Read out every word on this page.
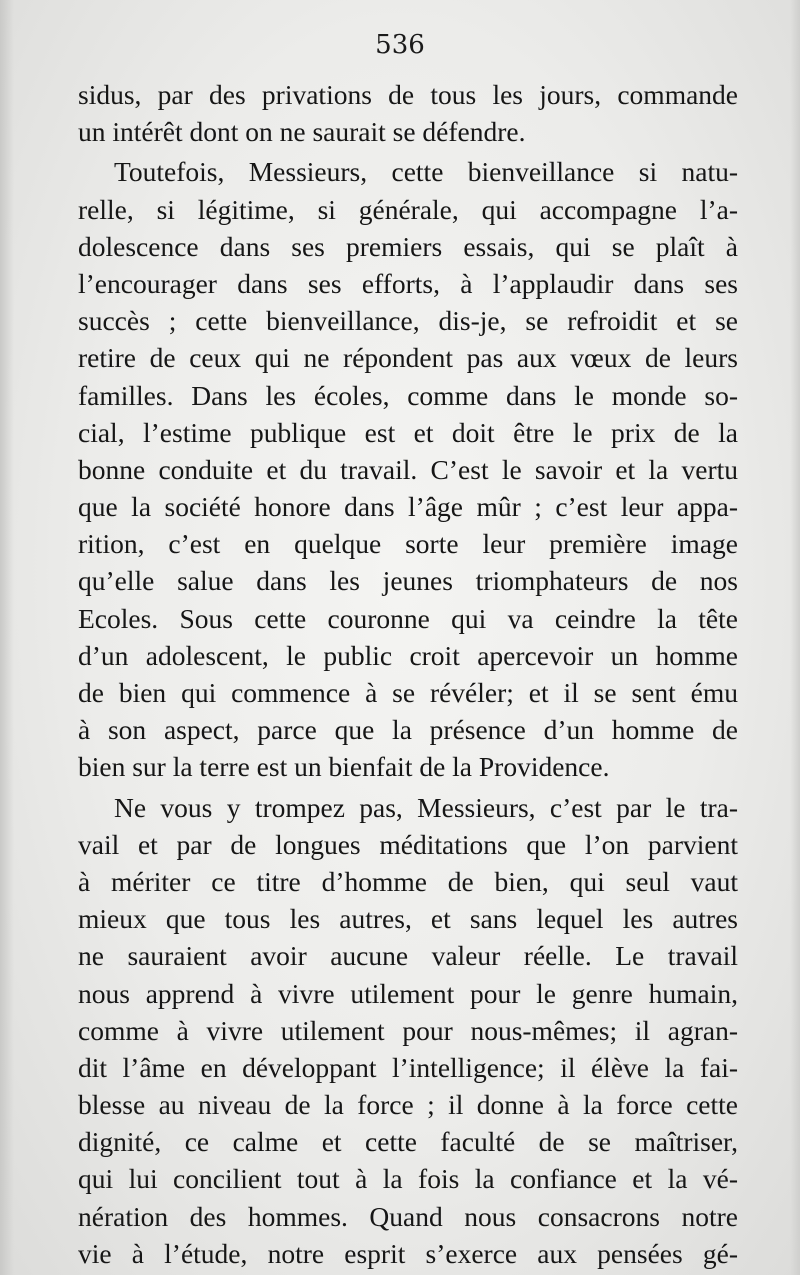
536
sidus, par des privations de tous les jours, commande
un intérêt dont on ne saurait se défendre.
Toutefois, Messieurs, cette bienveillance si natu-
relle, si légitime, si générale, qui accompagne l’a-
dolescence dans ses premiers essais, qui se plaît à
l’encourager dans ses efforts, à l’applaudir dans ses
succès ; cette bienveillance, dis-je, se refroidit et se
retire de ceux qui ne répondent pas aux vœux de leurs
familles. Dans les écoles, comme dans le monde so-
cial, l’estime publique est et doit être le prix de la
bonne conduite et du travail. C’est le savoir et la vertu
que la société honore dans l’âge mûr ; c’est leur appa-
rition, c’est en quelque sorte leur première image
qu’elle salue dans les jeunes triomphateurs de nos
Ecoles. Sous cette couronne qui va ceindre la tête
d’un adolescent, le public croit apercevoir un homme
de bien qui commence à se révéler; et il se sent ému
à son aspect, parce que la présence d’un homme de
bien sur la terre est un bienfait de la Providence.
Ne vous y trompez pas, Messieurs, c’est par le tra-
vail et par de longues méditations que l’on parvient
à mériter ce titre d’homme de bien, qui seul vaut
mieux que tous les autres, et sans lequel les autres
ne sauraient avoir aucune valeur réelle. Le travail
nous apprend à vivre utilement pour le genre humain,
comme à vivre utilement pour nous-mêmes; il agran-
dit l’âme en développant l’intelligence; il élève la fai-
blesse au niveau de la force ; il donne à la force cette
dignité, ce calme et cette faculté de se maîtriser,
qui lui concilient tout à la fois la confiance et la vé-
nération des hommes. Quand nous consacrons notre
vie à l’étude, notre esprit s’exerce aux pensées gé-
